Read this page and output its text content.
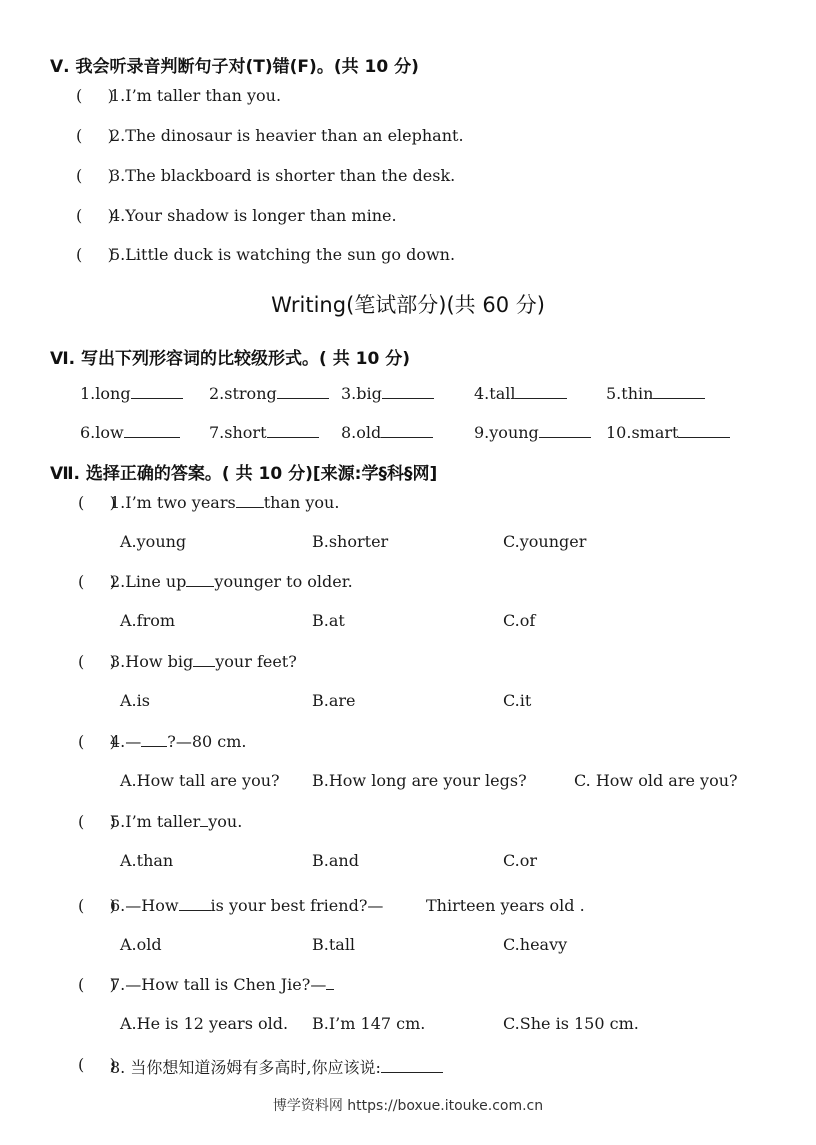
Ⅴ. 我会听录音判断句子对(T)错(F)。(共 10 分)
(     )
1.I’m taller than you.
(     )
2.The dinosaur is heavier than an elephant.
(     )
3.The blackboard is shorter than the desk.
(     )
4.Your shadow is longer than mine.
(     )
5.Little duck is watching the sun go down.
Writing(笔试部分)(共 60 分)
Ⅵ. 写出下列形容词的比较级形式。( 共 10 分)
1.long	2.strong	3.big	4.tall	5.thin
6.low	7.short	8.old	9.young	10.smart
Ⅶ. 选择正确的答案。( 共 10 分)[来源:学§科§网]
(     )
1.I’m two years than you.
A.young	B.shorter	C.younger
(     )
2.Line up younger to older.
A.from	B.at	C.of
(     )
3.How big your feet?
A.is	B.are	C.it
(     )
4.— ?—80 cm.
A.How tall are you? B.How long are your legs?	C. How old are you?
(     )
5.I’m taller you.
A.than	B.and	C.or
(     )
6.—How is your best friend?—	Thirteen years old .
A.old	B.tall	C.heavy
(     )
7.—How tall is Chen Jie?—
A.He is 12 years old. B.I’m 147 cm.	C.She is 150 cm.
(     )
8. 当你想知道汤姆有多高时,你应该说:
博学资料网 https://boxue.itouke.com.cn
